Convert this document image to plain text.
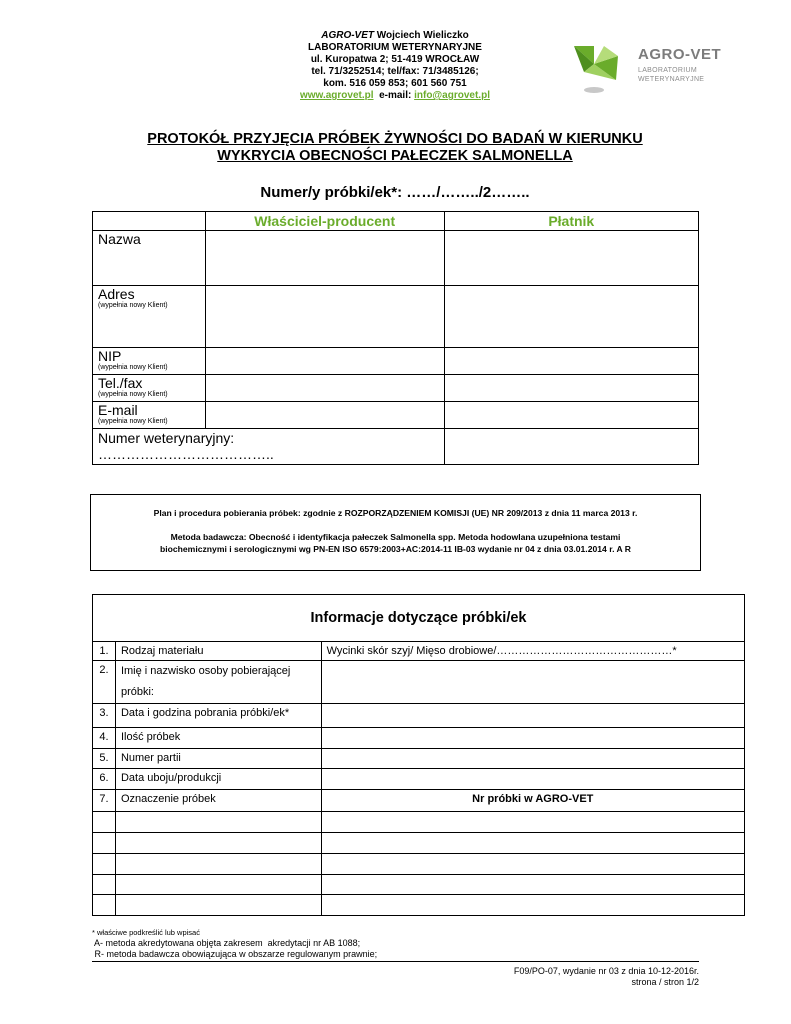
AGRO-VET Wojciech Wieliczko
LABORATORIUM WETERYNARYJNE
ul. Kuropatwa 2; 51-419 WROCŁAW
tel. 71/3252514; tel/fax: 71/3485126;
kom. 516 059 853; 601 560 751
www.agrovet.pl  e-mail: info@agrovet.pl
AGRO-VET
LABORATORIUM
WETERYNARYJNE
PROTOKÓŁ PRZYJĘCIA PRÓBEK ŻYWNOŚCI DO BADAŃ W KIERUNKU
WYKRYCIA OBECNOŚCI PAŁECZEK SALMONELLA
Numer/y próbki/ek*: ……/……../2……..
	Właściciel-producent	Płatnik
Nazwa		
Adres
(wypełnia nowy Klient)		

NIP
(wypełnia nowy Klient)		

Tel./fax
(wypełnia nowy Klient)		

E-mail
(wypełnia nowy Klient)		

Numer weterynaryjny:
………………………………..		

Plan i procedura pobierania próbek: zgodnie z ROZPORZĄDZENIEM KOMISJI (UE) NR 209/2013 z dnia 11 marca 2013 r.

Metoda badawcza: Obecność i identyfikacja pałeczek Salmonella spp. Metoda hodowlana uzupełniona testami

biochemicznymi i serologicznymi wg PN-EN ISO 6579:2003+AC:2014-11 IB-03 wydanie nr 04 z dnia 03.01.2014 r. A R

Informacje dotyczące próbki/ek		
1.	Rodzaj materiału	Wycinki skór szyj/ Mięso drobiowe/…………………………………………*
2.	Imię i nazwisko osoby pobierającej
próbki:	

3.	Data i godzina pobrania próbki/ek*	
4.	Ilość próbek	
5.	Numer partii	
6.	Data uboju/produkcji	
7.	Oznaczenie próbek	Nr próbki w AGRO-VET

* właściwe podkreślić lub wpisać
A- metoda akredytowana objęta zakresem  akredytacji nr AB 1088;
R- metoda badawcza obowiązująca w obszarze regulowanym prawnie;
F09/PO-07, wydanie nr 03 z dnia 10-12-2016r.
strona / stron 1/2
